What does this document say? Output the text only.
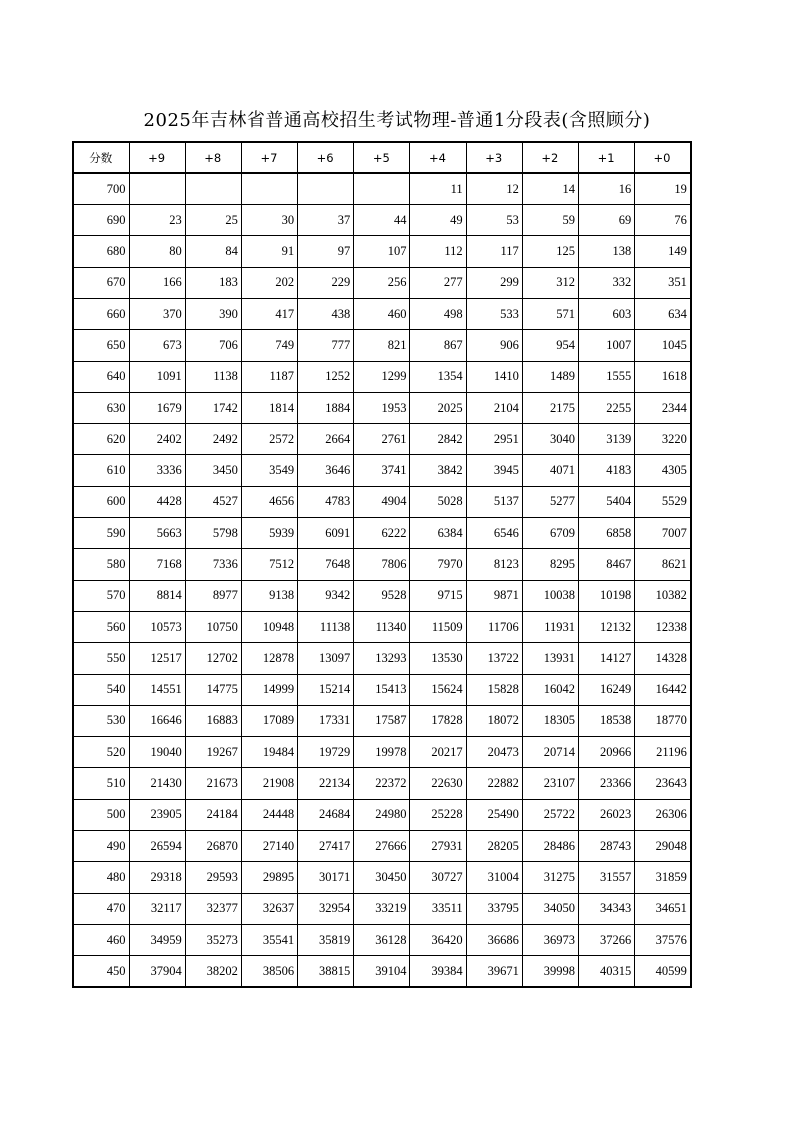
2025年吉林省普通高校招生考试物理-普通1分段表(含照顾分)
分数	+9	+8	+7	+6	+5	+4	+3	+2	+1	+0
700						11	12	14	16	19
690	23	25	30	37	44	49	53	59	69	76
680	80	84	91	97	107	112	117	125	138	149
670	166	183	202	229	256	277	299	312	332	351
660	370	390	417	438	460	498	533	571	603	634
650	673	706	749	777	821	867	906	954	1007	1045
640	1091	1138	1187	1252	1299	1354	1410	1489	1555	1618
630	1679	1742	1814	1884	1953	2025	2104	2175	2255	2344
620	2402	2492	2572	2664	2761	2842	2951	3040	3139	3220
610	3336	3450	3549	3646	3741	3842	3945	4071	4183	4305
600	4428	4527	4656	4783	4904	5028	5137	5277	5404	5529
590	5663	5798	5939	6091	6222	6384	6546	6709	6858	7007
580	7168	7336	7512	7648	7806	7970	8123	8295	8467	8621
570	8814	8977	9138	9342	9528	9715	9871	10038	10198	10382
560	10573	10750	10948	11138	11340	11509	11706	11931	12132	12338
550	12517	12702	12878	13097	13293	13530	13722	13931	14127	14328
540	14551	14775	14999	15214	15413	15624	15828	16042	16249	16442
530	16646	16883	17089	17331	17587	17828	18072	18305	18538	18770
520	19040	19267	19484	19729	19978	20217	20473	20714	20966	21196
510	21430	21673	21908	22134	22372	22630	22882	23107	23366	23643
500	23905	24184	24448	24684	24980	25228	25490	25722	26023	26306
490	26594	26870	27140	27417	27666	27931	28205	28486	28743	29048
480	29318	29593	29895	30171	30450	30727	31004	31275	31557	31859
470	32117	32377	32637	32954	33219	33511	33795	34050	34343	34651
460	34959	35273	35541	35819	36128	36420	36686	36973	37266	37576
450	37904	38202	38506	38815	39104	39384	39671	39998	40315	40599
